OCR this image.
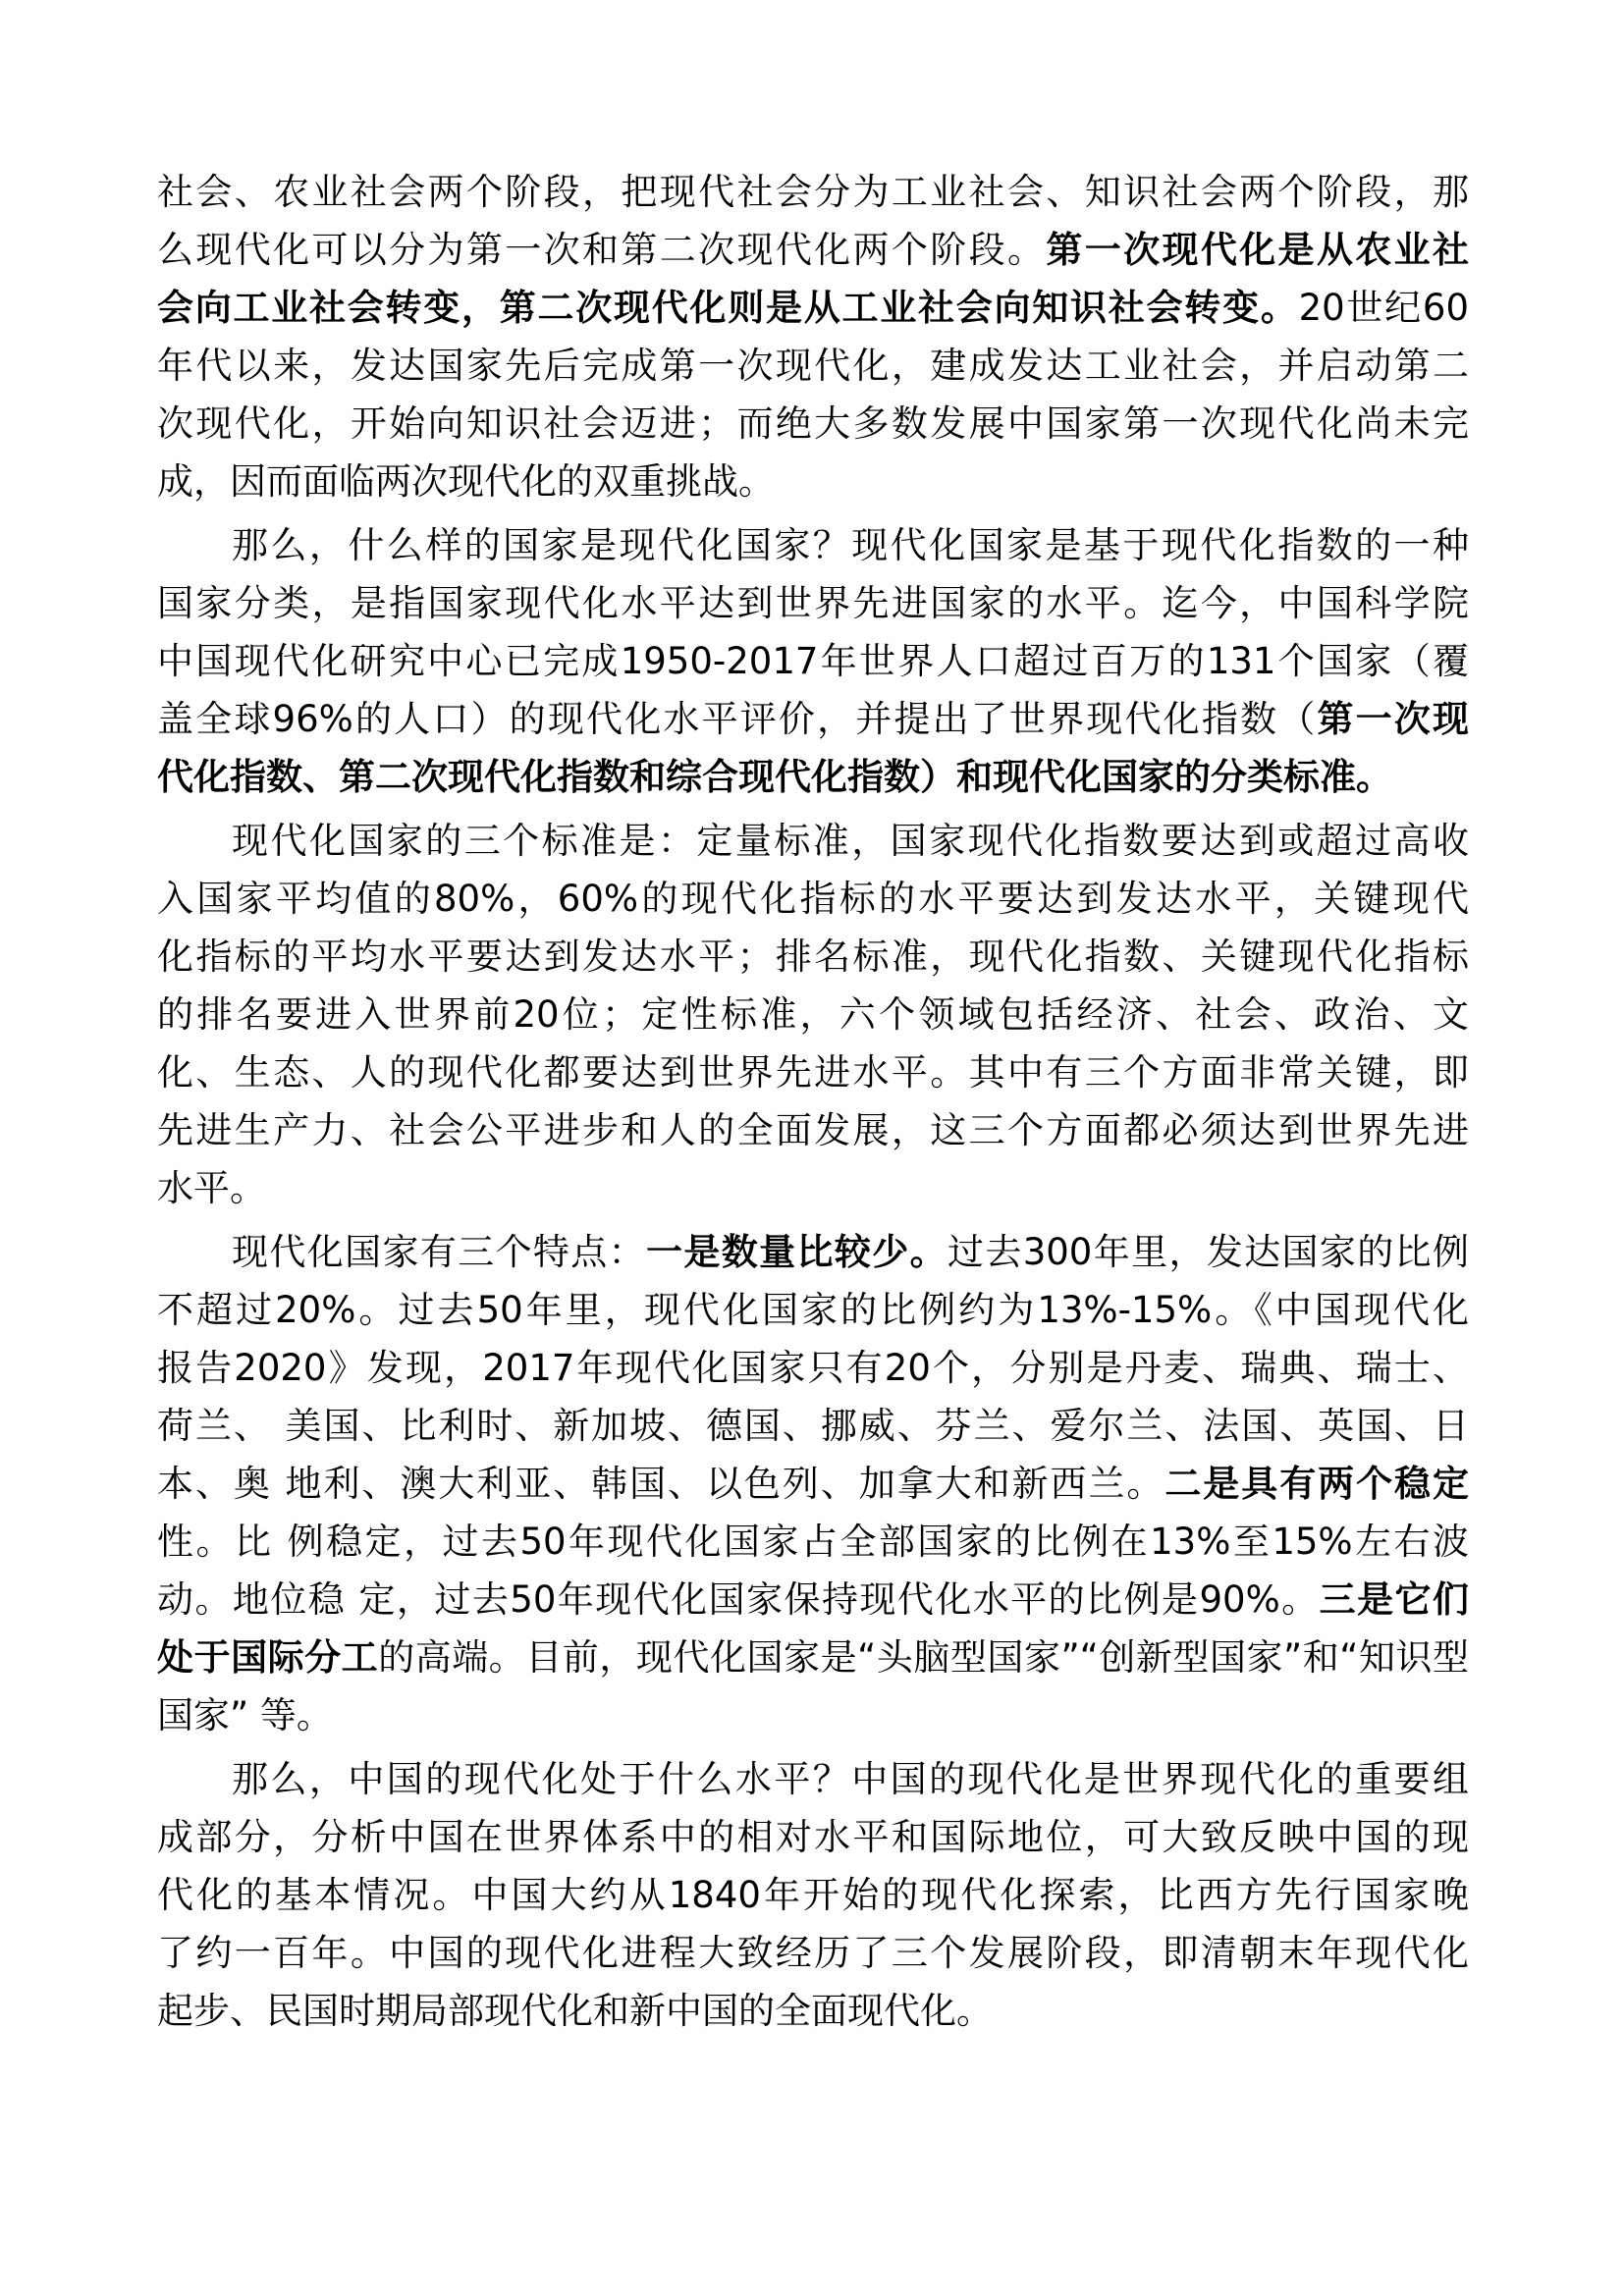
社会、农业社会两个阶段，把现代社会分为工业社会、知识社会两个阶段，那
么现代化可以分为第一次和第二次现代化两个阶段。第一次现代化是从农业社
会向工业社会转变，第二次现代化则是从工业社会向知识社会转变。20世纪60
年代以来，发达国家先后完成第一次现代化，建成发达工业社会，并启动第二
次现代化，开始向知识社会迈进；而绝大多数发展中国家第一次现代化尚未完
成，因而面临两次现代化的双重挑战。
那么，什么样的国家是现代化国家？现代化国家是基于现代化指数的一种
国家分类，是指国家现代化水平达到世界先进国家的水平。迄今，中国科学院
中国现代化研究中心已完成1950-2017年世界人口超过百万的131个国家（覆
盖全球96%的人口）的现代化水平评价，并提出了世界现代化指数（第一次现
代化指数、第二次现代化指数和综合现代化指数）和现代化国家的分类标准。
现代化国家的三个标准是：定量标准，国家现代化指数要达到或超过高收
入国家平均值的80%，60%的现代化指标的水平要达到发达水平，关键现代
化指标的平均水平要达到发达水平；排名标准，现代化指数、关键现代化指标
的排名要进入世界前20位；定性标准，六个领域包括经济、社会、政治、文
化、生态、人的现代化都要达到世界先进水平。其中有三个方面非常关键，即
先进生产力、社会公平进步和人的全面发展，这三个方面都必须达到世界先进
水平。
现代化国家有三个特点：一是数量比较少。过去300年里，发达国家的比例
不超过20%。过去50年里，现代化国家的比例约为13%-15%。《中国现代化
报告2020》发现，2017年现代化国家只有20个，分别是丹麦、瑞典、瑞士、
荷兰、 美国、比利时、新加坡、德国、挪威、芬兰、爱尔兰、法国、英国、日
本、奥 地利、澳大利亚、韩国、以色列、加拿大和新西兰。二是具有两个稳定
性。比 例稳定，过去50年现代化国家占全部国家的比例在13%至15%左右波
动。地位稳 定，过去50年现代化国家保持现代化水平的比例是90%。三是它们
处于国际分工的高端。目前，现代化国家是“头脑型国家”“创新型国家”和“知识型
国家” 等。
那么，中国的现代化处于什么水平？中国的现代化是世界现代化的重要组
成部分，分析中国在世界体系中的相对水平和国际地位，可大致反映中国的现
代化的基本情况。中国大约从1840年开始的现代化探索，比西方先行国家晚
了约一百年。中国的现代化进程大致经历了三个发展阶段，即清朝末年现代化
起步、民国时期局部现代化和新中国的全面现代化。
